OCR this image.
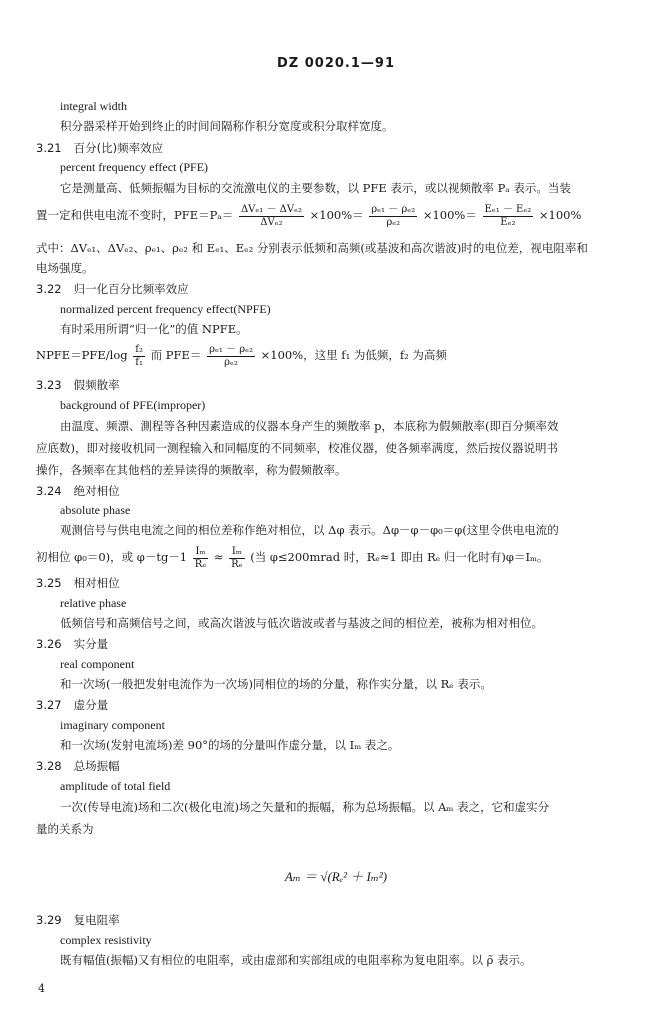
DZ 0020.1—91
integral width
积分器采样开始到终止的时间间隔称作积分宽度或积分取样宽度。
3.21 百分(比)频率效应
percent frequency effect (PFE)
它是测量高、低频振幅为目标的交流激电仪的主要参数，以 PFE 表示，或以视频散率 Pₐ 表示。当装
置一定和供电电流不变时，$PFE=P_a= \frac{\text{ΔVₑ₁ － ΔVₑ₂}}{\text{ΔVₑ₂}} \times 100\%= \frac{\text{ρₑ₁ － ρₑ₂}}{\text{ρₑ₂}} \times 100\%= \frac{\text{Eₑ₁ － Eₑ₂}}{\text{Eₑ₂}} \times 100\%$
式中：ΔVₑ₁、ΔVₑ₂、ρₑ₁、ρₑ₂ 和 Eₑ₁、Eₑ₂ 分别表示低频和高频(或基波和高次谐波)时的电位差，视电阻率和
电场强度。
3.22 归一化百分比频率效应
normalized percent frequency effect(NPFE)
有时采用所谓“归一化”的值 NPFE。
NPFE＝PFE/log $\frac{\text{f₂}}{\text{f₁}}$ 而 $PFE= \frac{\text{ρₑ₁ － ρₑ₂}}{\text{ρₑ₂}} \times 100\%$，这里 f₁ 为低频，f₂ 为高频
3.23 假频散率
background of PFE(improper)
由温度、频漂、測程等各种因素造成的仪器本身产生的频散率 p，本底称为假频散率(即百分频率效
应底数)，即对接收机同一测程输入和同幅度的不同频率，校准仪器，使各频率满度，然后按仪器说明书
操作，各频率在其他档的差异读得的频散率，称为假频散率。
3.24 绝对相位
absolute phase
观测信号与供电电流之间的相位差称作绝对相位，以 Δφ 表示。Δφ－φ－φ₀＝φ(这里令供电电流的
初相位 φ₀＝0)，或 $\varphi-tg-1 \frac{\text{Iₘ}}{\text{Rₑ}} \approx \frac{\text{Iₘ}}{\text{Rₑ}}$ (当 φ≤200mrad 时，Rₑ≈1 即由 Rₑ 归一化时有)φ＝Iₘ。
3.25 相对相位
relative phase
低频信号和高频信号之间，或高次谐波与低次谐波或者与基波之间的相位差，被称为相对相位。
3.26 实分量
real component
和一次场(一般把发射电流作为一次场)同相位的场的分量，称作实分量，以 Rₑ 表示。
3.27 虚分量
imaginary component
和一次场(发射电流场)差 90°的场的分量叫作虚分量，以 Iₘ 表之。
3.28 总场振幅
amplitude of total field
一次(传导电流)场和二次(极化电流)场之矢量和的振幅，称为总场振幅。以 Aₘ 表之，它和虚实分
量的关系为
Aₘ ＝ √(Rₑ² ＋ Iₘ²)
3.29 复电阻率
complex resistivity
既有幅值(振幅)又有相位的电阻率，或由虚部和实部组成的电阻率称为复电阻率。以 ρ̃ 表示。
4
